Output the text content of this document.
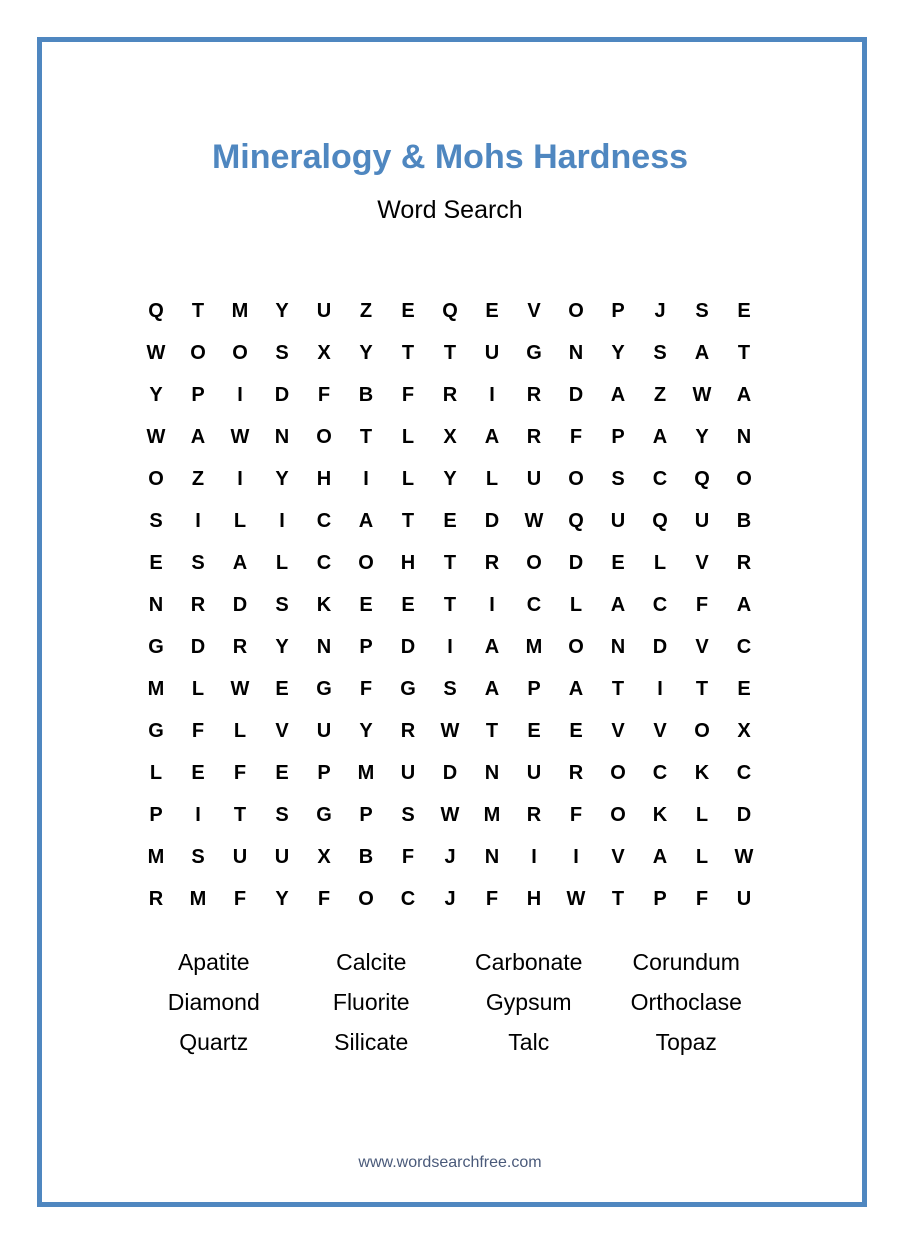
Mineralogy & Mohs Hardness
Word Search
Q	T	M	Y	U	Z	E	Q	E	V	O	P	J	S	E
W	O	O	S	X	Y	T	T	U	G	N	Y	S	A	T
Y	P	I	D	F	B	F	R	I	R	D	A	Z	W	A
W	A	W	N	O	T	L	X	A	R	F	P	A	Y	N
O	Z	I	Y	H	I	L	Y	L	U	O	S	C	Q	O
S	I	L	I	C	A	T	E	D	W	Q	U	Q	U	B
E	S	A	L	C	O	H	T	R	O	D	E	L	V	R
N	R	D	S	K	E	E	T	I	C	L	A	C	F	A
G	D	R	Y	N	P	D	I	A	M	O	N	D	V	C
M	L	W	E	G	F	G	S	A	P	A	T	I	T	E
G	F	L	V	U	Y	R	W	T	E	E	V	V	O	X
L	E	F	E	P	M	U	D	N	U	R	O	C	K	C
P	I	T	S	G	P	S	W	M	R	F	O	K	L	D
M	S	U	U	X	B	F	J	N	I	I	V	A	L	W
R	M	F	Y	F	O	C	J	F	H	W	T	P	F	U
Apatite	Calcite	Carbonate	Corundum
Diamond	Fluorite	Gypsum	Orthoclase
Quartz	Silicate	Talc	Topaz
www.wordsearchfree.com
